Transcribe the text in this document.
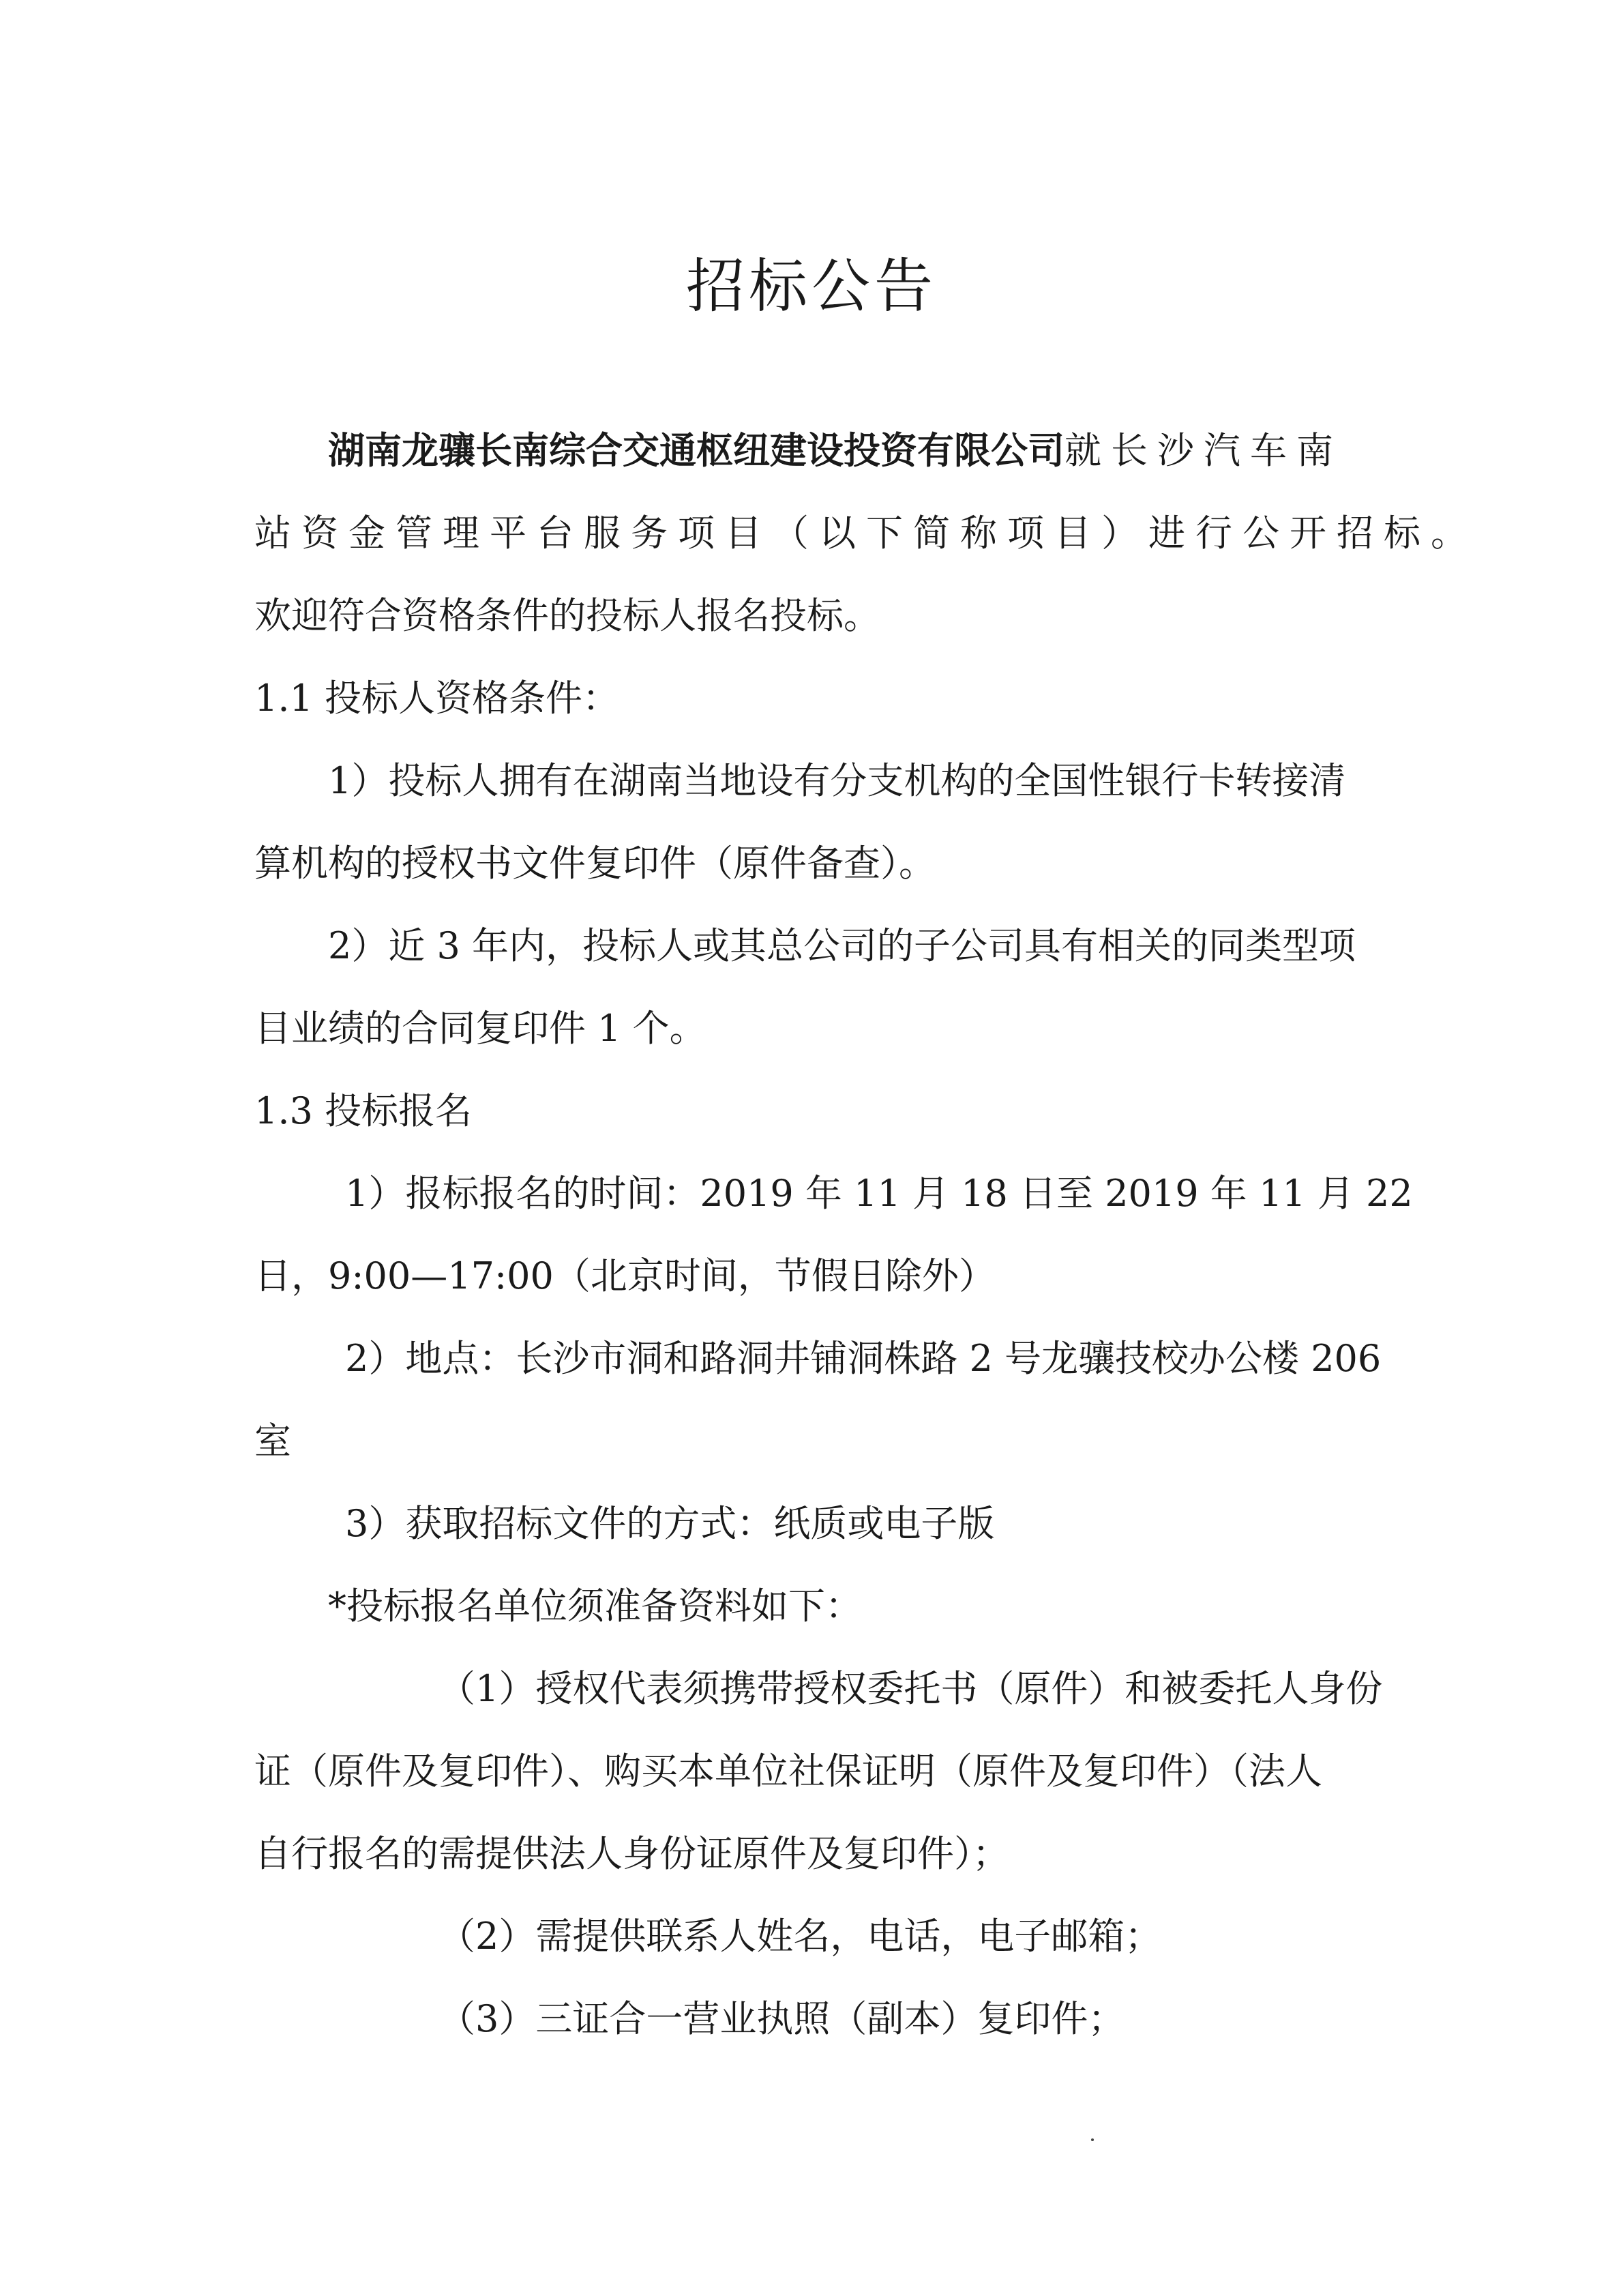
招标公告
湖南龙骧长南综合交通枢纽建设投资有限公司就长沙汽车南
站资金管理平台服务项目（以下简称项目）进行公开招标。
欢迎符合资格条件的投标人报名投标。
1.1 投标人资格条件：
1）投标人拥有在湖南当地设有分支机构的全国性银行卡转接清
算机构的授权书文件复印件（原件备查）。
2）近 3 年内，投标人或其总公司的子公司具有相关的同类型项
目业绩的合同复印件 1 个。
1.3 投标报名
1）报标报名的时间：2019 年 11 月 18 日至 2019 年 11 月 22
日，9:00—17:00（北京时间，节假日除外）
2）地点：长沙市洞和路洞井铺洞株路 2 号龙骧技校办公楼 206
室
3）获取招标文件的方式：纸质或电子版
*投标报名单位须准备资料如下：
（1）授权代表须携带授权委托书（原件）和被委托人身份
证（原件及复印件）、购买本单位社保证明（原件及复印件）（法人
自行报名的需提供法人身份证原件及复印件）；
（2）需提供联系人姓名，电话，电子邮箱；
（3）三证合一营业执照（副本）复印件；
